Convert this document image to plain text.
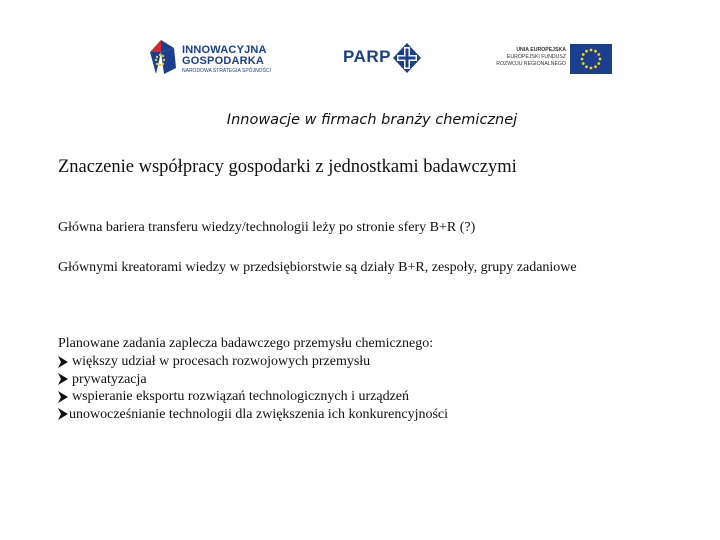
INNOWACYJNA
GOSPODARKA
NARODOWA STRATEGIA SPÓJNOŚCI
PARP	UNIA EUROPEJSKA
EUROPEJSKI FUNDUSZ
ROZWOJU REGIONALNEGO
Innowacje w firmach branży chemicznej
Znaczenie współpracy gospodarki z jednostkami badawczymi
Główna bariera transferu wiedzy/technologii leży po stronie sfery B+R (?)
Głównymi kreatorami wiedzy w przedsiębiorstwie są działy B+R, zespoły, grupy zadaniowe
Planowane zadania zaplecza badawczego przemysłu chemicznego:
większy udział w procesach rozwojowych przemysłu
prywatyzacja
wspieranie eksportu rozwiązań technologicznych i urządzeń
unowocześnianie technologii dla zwiększenia ich konkurencyjności
